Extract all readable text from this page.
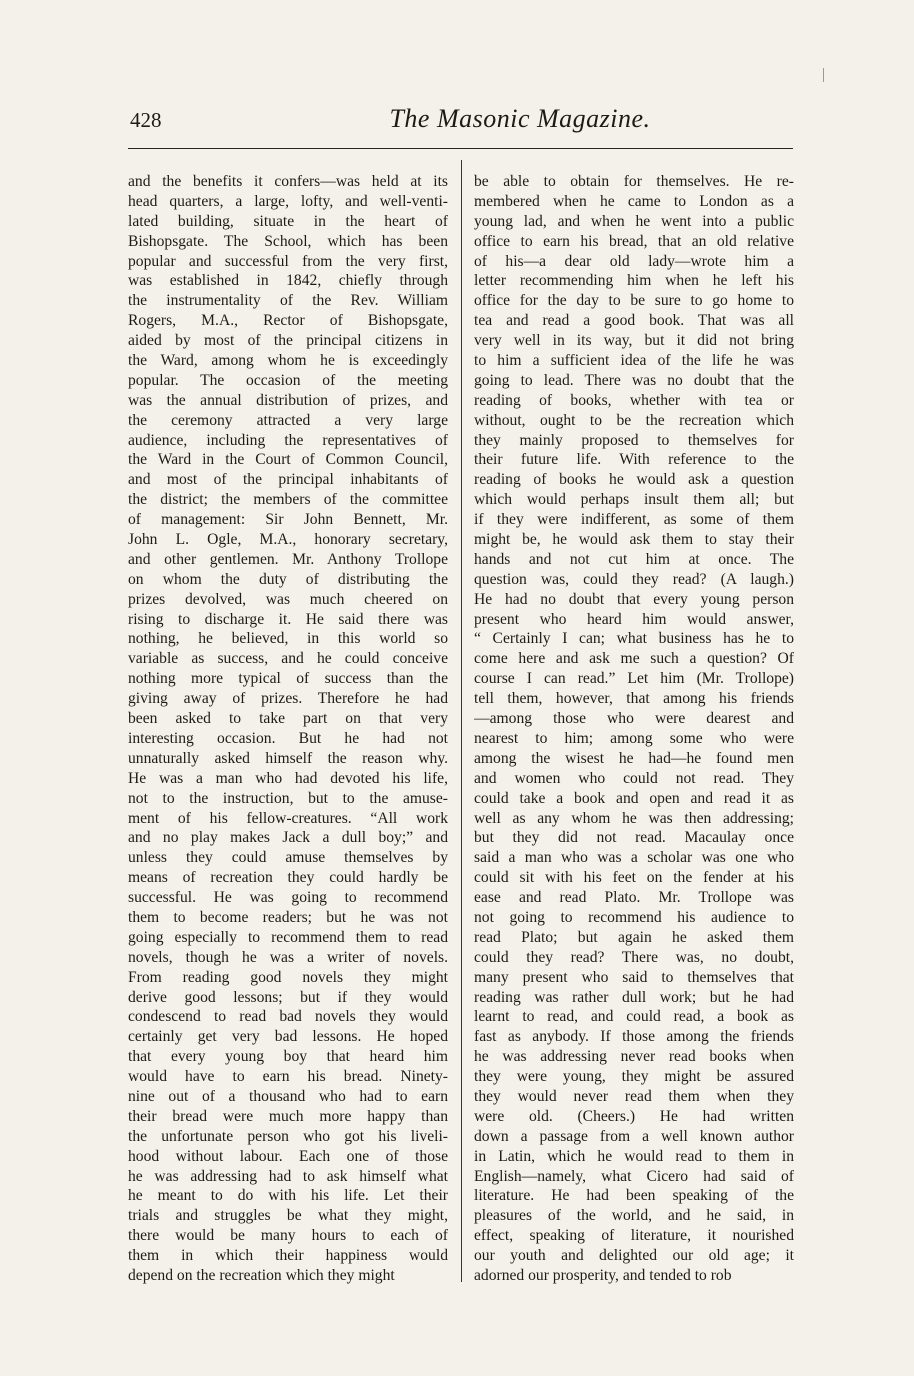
428	The Masonic Magazine.
and the benefits it confers—was held at its
head quarters, a large, lofty, and well-venti-
lated building, situate in the heart of
Bishopsgate. The School, which has been
popular and successful from the very first,
was established in 1842, chiefly through
the instrumentality of the Rev. William
Rogers, M.A., Rector of Bishopsgate,
aided by most of the principal citizens in
the Ward, among whom he is exceedingly
popular. The occasion of the meeting
was the annual distribution of prizes, and
the ceremony attracted a very large
audience, including the representatives of
the Ward in the Court of Common Council,
and most of the principal inhabitants of
the district; the members of the committee
of management: Sir John Bennett, Mr.
John L. Ogle, M.A., honorary secretary,
and other gentlemen. Mr. Anthony Trollope
on whom the duty of distributing the
prizes devolved, was much cheered on
rising to discharge it. He said there was
nothing, he believed, in this world so
variable as success, and he could conceive
nothing more typical of success than the
giving away of prizes. Therefore he had
been asked to take part on that very
interesting occasion. But he had not
unnaturally asked himself the reason why.
He was a man who had devoted his life,
not to the instruction, but to the amuse-
ment of his fellow-creatures. “All work
and no play makes Jack a dull boy;” and
unless they could amuse themselves by
means of recreation they could hardly be
successful. He was going to recommend
them to become readers; but he was not
going especially to recommend them to read
novels, though he was a writer of novels.
From reading good novels they might
derive good lessons; but if they would
condescend to read bad novels they would
certainly get very bad lessons. He hoped
that every young boy that heard him
would have to earn his bread. Ninety-
nine out of a thousand who had to earn
their bread were much more happy than
the unfortunate person who got his liveli-
hood without labour. Each one of those
he was addressing had to ask himself what
he meant to do with his life. Let their
trials and struggles be what they might,
there would be many hours to each of
them in which their happiness would
depend on the recreation which they might
be able to obtain for themselves. He re-
membered when he came to London as a
young lad, and when he went into a public
office to earn his bread, that an old relative
of his—a dear old lady—wrote him a
letter recommending him when he left his
office for the day to be sure to go home to
tea and read a good book. That was all
very well in its way, but it did not bring
to him a sufficient idea of the life he was
going to lead. There was no doubt that the
reading of books, whether with tea or
without, ought to be the recreation which
they mainly proposed to themselves for
their future life. With reference to the
reading of books he would ask a question
which would perhaps insult them all; but
if they were indifferent, as some of them
might be, he would ask them to stay their
hands and not cut him at once. The
question was, could they read? (A laugh.)
He had no doubt that every young person
present who heard him would answer,
“ Certainly I can; what business has he to
come here and ask me such a question? Of
course I can read.” Let him (Mr. Trollope)
tell them, however, that among his friends
—among those who were dearest and
nearest to him; among some who were
among the wisest he had—he found men
and women who could not read. They
could take a book and open and read it as
well as any whom he was then addressing;
but they did not read. Macaulay once
said a man who was a scholar was one who
could sit with his feet on the fender at his
ease and read Plato. Mr. Trollope was
not going to recommend his audience to
read Plato; but again he asked them
could they read? There was, no doubt,
many present who said to themselves that
reading was rather dull work; but he had
learnt to read, and could read, a book as
fast as anybody. If those among the friends
he was addressing never read books when
they were young, they might be assured
they would never read them when they
were old. (Cheers.) He had written
down a passage from a well known author
in Latin, which he would read to them in
English—namely, what Cicero had said of
literature. He had been speaking of the
pleasures of the world, and he said, in
effect, speaking of literature, it nourished
our youth and delighted our old age; it
adorned our prosperity, and tended to rob
